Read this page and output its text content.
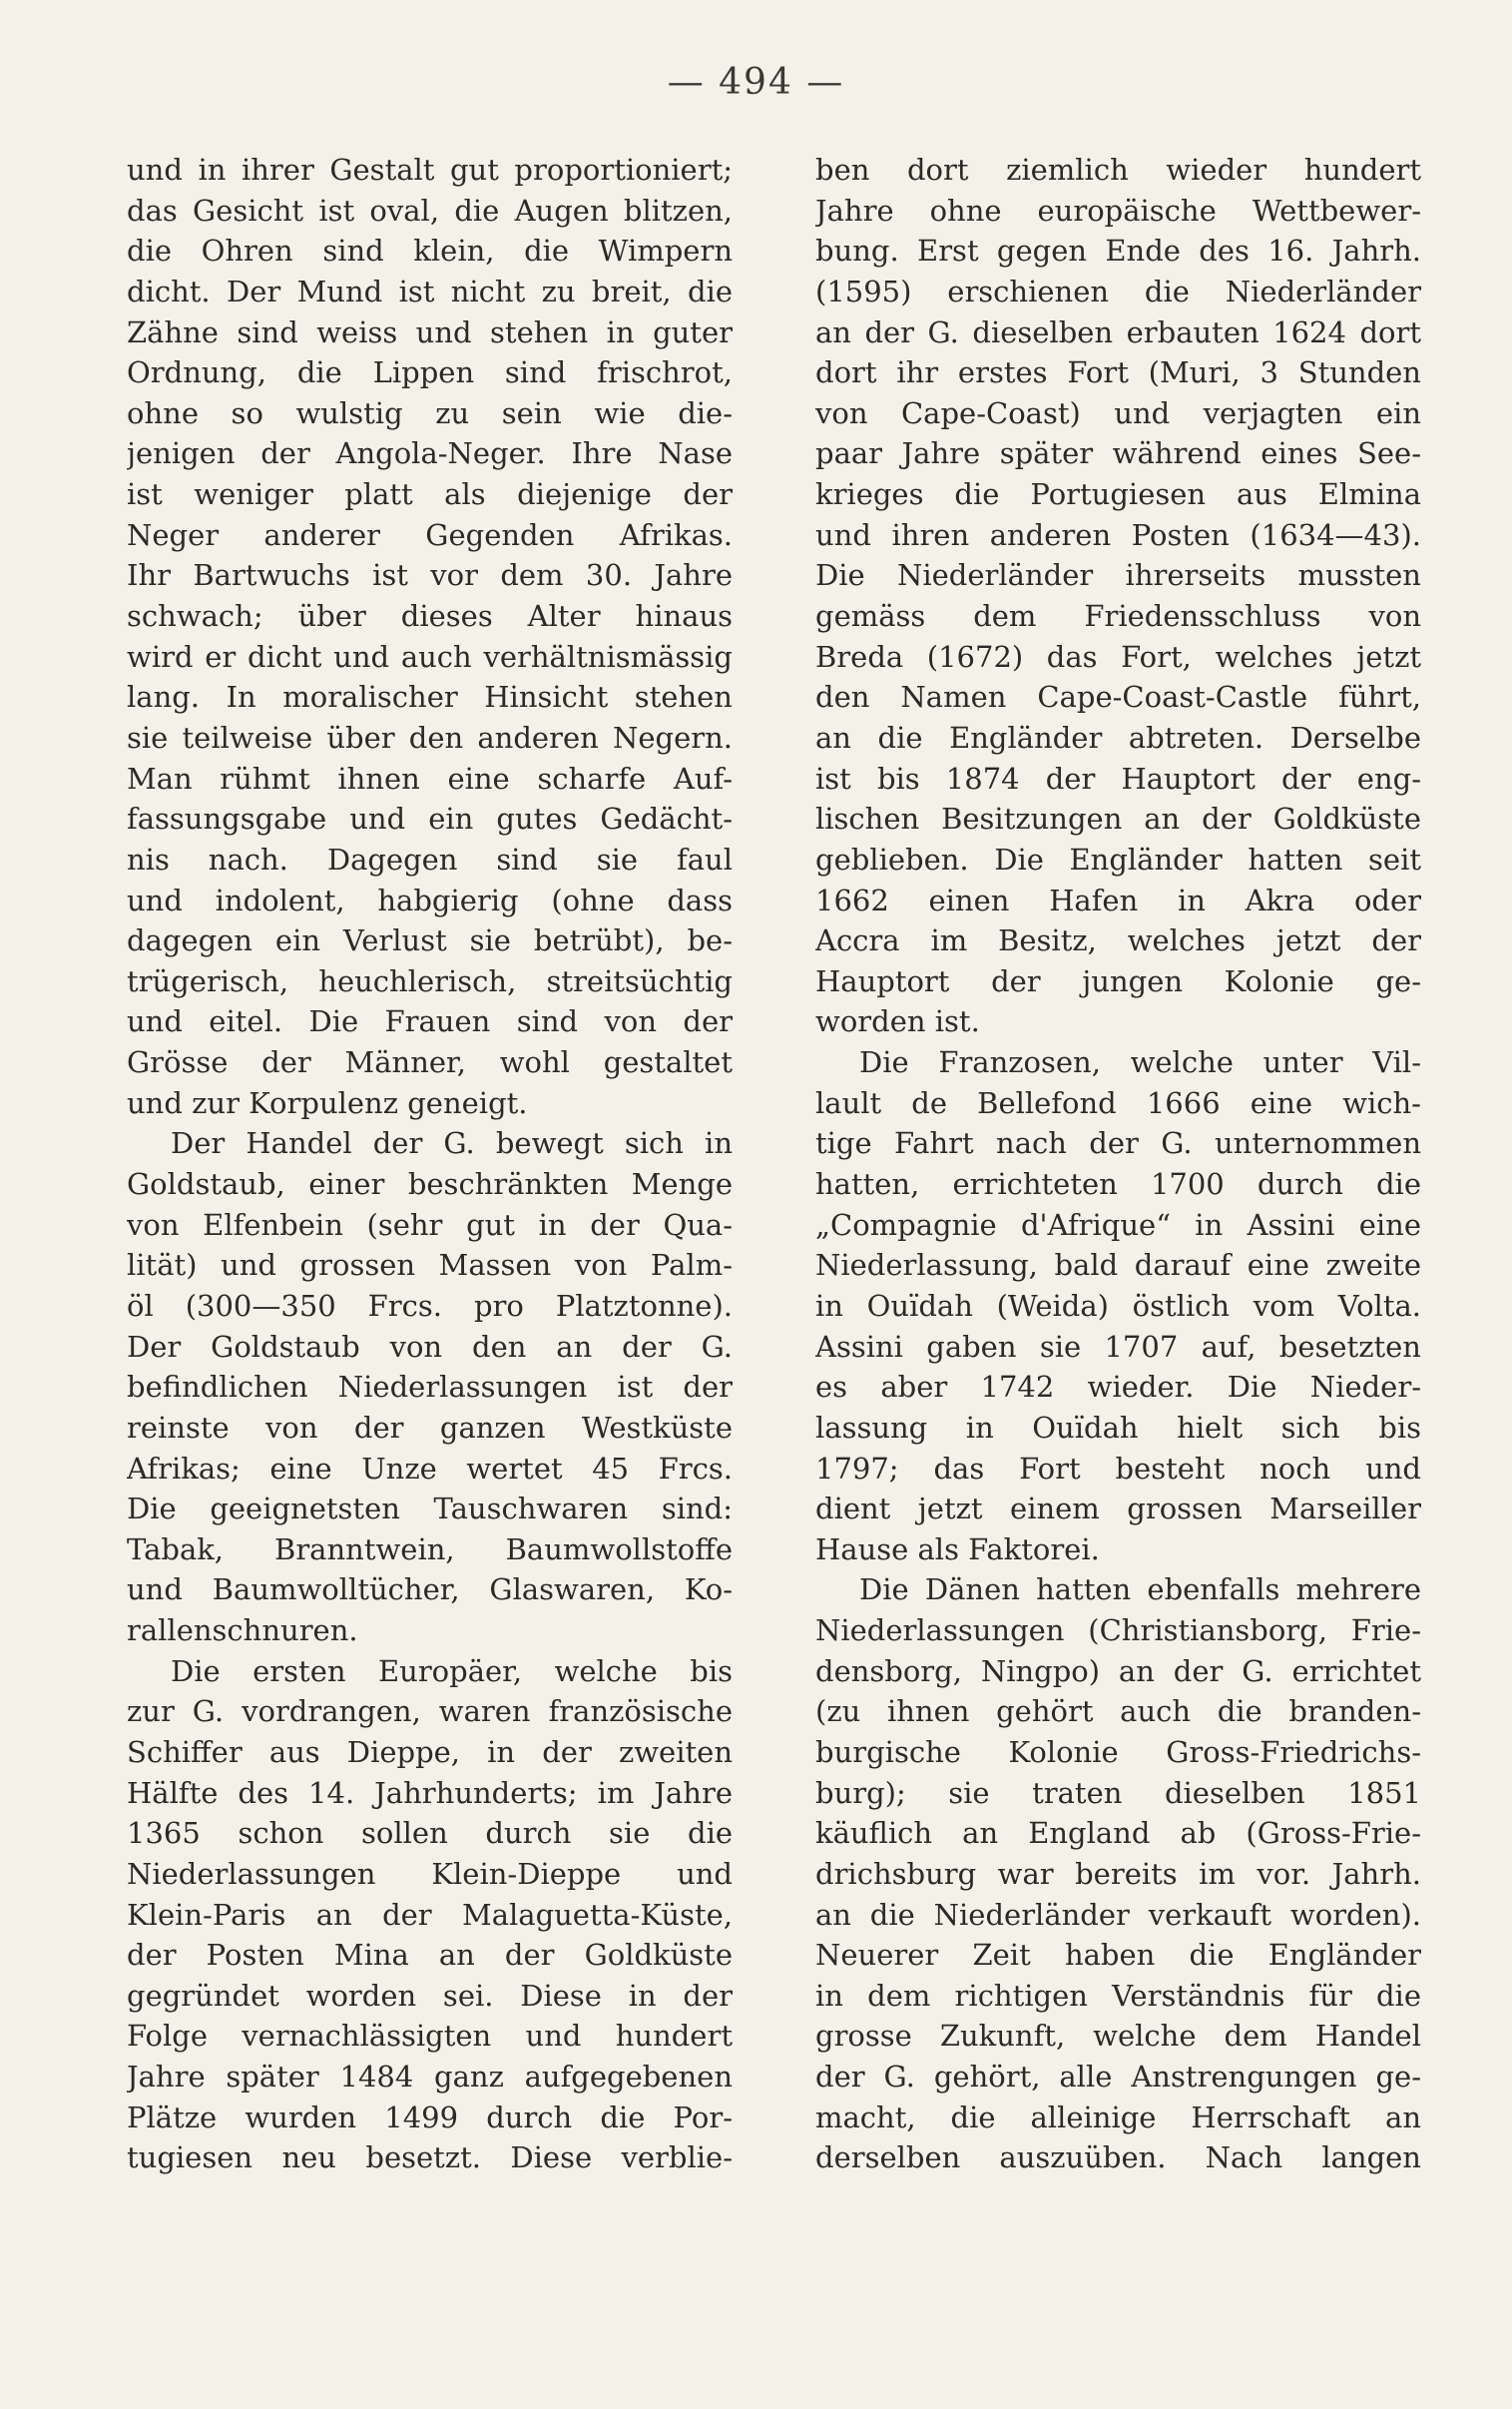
— 494 —
und in ihrer Gestalt gut proportioniert;
das Gesicht ist oval, die Augen blitzen,
die Ohren sind klein, die Wimpern
dicht. Der Mund ist nicht zu breit, die
Zähne sind weiss und stehen in guter
Ordnung, die Lippen sind frischrot,
ohne so wulstig zu sein wie die-
jenigen der Angola-Neger. Ihre Nase
ist weniger platt als diejenige der
Neger anderer Gegenden Afrikas.
Ihr Bartwuchs ist vor dem 30. Jahre
schwach; über dieses Alter hinaus
wird er dicht und auch verhältnismässig
lang. In moralischer Hinsicht stehen
sie teilweise über den anderen Negern.
Man rühmt ihnen eine scharfe Auf-
fassungsgabe und ein gutes Gedächt-
nis nach. Dagegen sind sie faul
und indolent, habgierig (ohne dass
dagegen ein Verlust sie betrübt), be-
trügerisch, heuchlerisch, streitsüchtig
und eitel. Die Frauen sind von der
Grösse der Männer, wohl gestaltet
und zur Korpulenz geneigt.
Der Handel der G. bewegt sich in
Goldstaub, einer beschränkten Menge
von Elfenbein (sehr gut in der Qua-
lität) und grossen Massen von Palm-
öl (300—350 Frcs. pro Platztonne).
Der Goldstaub von den an der G.
befindlichen Niederlassungen ist der
reinste von der ganzen Westküste
Afrikas; eine Unze wertet 45 Frcs.
Die geeignetsten Tauschwaren sind:
Tabak, Branntwein, Baumwollstoffe
und Baumwolltücher, Glaswaren, Ko-
rallenschnuren.
Die ersten Europäer, welche bis
zur G. vordrangen, waren französische
Schiffer aus Dieppe, in der zweiten
Hälfte des 14. Jahrhunderts; im Jahre
1365 schon sollen durch sie die
Niederlassungen Klein-Dieppe und
Klein-Paris an der Malaguetta-Küste,
der Posten Mina an der Goldküste
gegründet worden sei. Diese in der
Folge vernachlässigten und hundert
Jahre später 1484 ganz aufgegebenen
Plätze wurden 1499 durch die Por-
tugiesen neu besetzt. Diese verblie-
ben dort ziemlich wieder hundert
Jahre ohne europäische Wettbewer-
bung. Erst gegen Ende des 16. Jahrh.
(1595) erschienen die Niederländer
an der G. dieselben erbauten 1624 dort
dort ihr erstes Fort (Muri, 3 Stunden
von Cape-Coast) und verjagten ein
paar Jahre später während eines See-
krieges die Portugiesen aus Elmina
und ihren anderen Posten (1634—43).
Die Niederländer ihrerseits mussten
gemäss dem Friedensschluss von
Breda (1672) das Fort, welches jetzt
den Namen Cape-Coast-Castle führt,
an die Engländer abtreten. Derselbe
ist bis 1874 der Hauptort der eng-
lischen Besitzungen an der Goldküste
geblieben. Die Engländer hatten seit
1662 einen Hafen in Akra oder
Accra im Besitz, welches jetzt der
Hauptort der jungen Kolonie ge-
worden ist.
Die Franzosen, welche unter Vil-
lault de Bellefond 1666 eine wich-
tige Fahrt nach der G. unternommen
hatten, errichteten 1700 durch die
„Compagnie d'Afrique“ in Assini eine
Niederlassung, bald darauf eine zweite
in Ouïdah (Weida) östlich vom Volta.
Assini gaben sie 1707 auf, besetzten
es aber 1742 wieder. Die Nieder-
lassung in Ouïdah hielt sich bis
1797; das Fort besteht noch und
dient jetzt einem grossen Marseiller
Hause als Faktorei.
Die Dänen hatten ebenfalls mehrere
Niederlassungen (Christiansborg, Frie-
densborg, Ningpo) an der G. errichtet
(zu ihnen gehört auch die branden-
burgische Kolonie Gross-Friedrichs-
burg); sie traten dieselben 1851
käuflich an England ab (Gross-Frie-
drichsburg war bereits im vor. Jahrh.
an die Niederländer verkauft worden).
Neuerer Zeit haben die Engländer
in dem richtigen Verständnis für die
grosse Zukunft, welche dem Handel
der G. gehört, alle Anstrengungen ge-
macht, die alleinige Herrschaft an
derselben auszuüben. Nach langen
